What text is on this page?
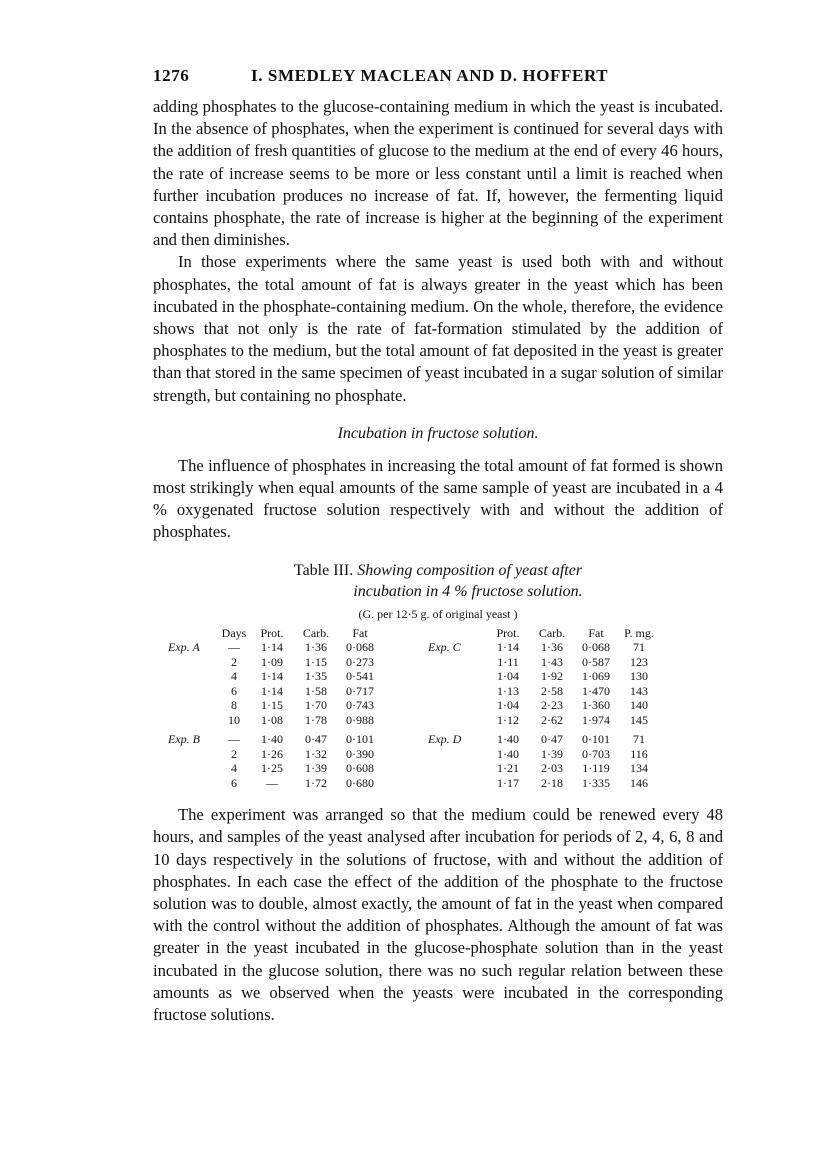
1276	I. SMEDLEY MACLEAN AND D. HOFFERT

adding phosphates to the glucose-containing medium in which the yeast is incubated. In the absence of phosphates, when the experiment is continued for several days with the addition of fresh quantities of glucose to the medium at the end of every 46 hours, the rate of increase seems to be more or less constant until a limit is reached when further incubation produces no increase of fat. If, however, the fermenting liquid contains phosphate, the rate of increase is higher at the beginning of the experiment and then diminishes.

In those experiments where the same yeast is used both with and without phosphates, the total amount of fat is always greater in the yeast which has been incubated in the phosphate-containing medium. On the whole, therefore, the evidence shows that not only is the rate of fat-formation stimulated by the addition of phosphates to the medium, but the total amount of fat deposited in the yeast is greater than that stored in the same specimen of yeast incubated in a sugar solution of similar strength, but containing no phosphate.

Incubation in fructose solution.

The influence of phosphates in increasing the total amount of fat formed is shown most strikingly when equal amounts of the same sample of yeast are incubated in a 4 % oxygenated fructose solution respectively with and without the addition of phosphates.

Table III. Showing composition of yeast after
incubation in 4 % fructose solution.
(G. per 12·5 g. of original yeast )
	Days	Prot.	Carb.	Fat			Prot.	Carb.	Fat	P. mg.
Exp. A	—	1·14	1·36	0·068		Exp. C	1·14	1·36	0·068	71
	2	1·09	1·15	0·273			1·11	1·43	0·587	123
	4	1·14	1·35	0·541			1·04	1·92	1·069	130
	6	1·14	1·58	0·717			1·13	2·58	1·470	143
	8	1·15	1·70	0·743			1·04	2·23	1·360	140
	10	1·08	1·78	0·988			1·12	2·62	1·974	145
Exp. B	—	1·40	0·47	0·101		Exp. D	1·40	0·47	0·101	71
	2	1·26	1·32	0·390			1·40	1·39	0·703	116
	4	1·25	1·39	0·608			1·21	2·03	1·119	134
	6	—	1·72	0·680			1·17	2·18	1·335	146

The experiment was arranged so that the medium could be renewed every 48 hours, and samples of the yeast analysed after incubation for periods of 2, 4, 6, 8 and 10 days respectively in the solutions of fructose, with and without the addition of phosphates. In each case the effect of the addition of the phosphate to the fructose solution was to double, almost exactly, the amount of fat in the yeast when compared with the control without the addition of phosphates. Although the amount of fat was greater in the yeast incubated in the glucose-phosphate solution than in the yeast incubated in the glucose solution, there was no such regular relation between these amounts as we observed when the yeasts were incubated in the corresponding fructose solutions.
